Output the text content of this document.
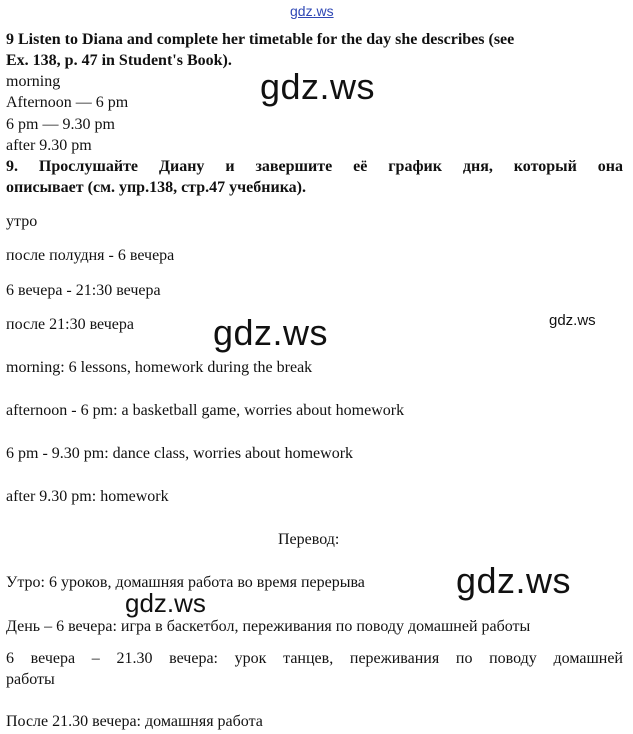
gdz.ws
9 Listen to Diana and complete her timetable for the day she describes (see
Ex. 138, p. 47 in Student's Book).
morning
Afternoon — 6 pm
6 pm — 9.30 pm
after 9.30 pm
gdz.ws
9. Прослушайте Диану и завершите её график дня, который она
описывает (см. упр.138, стр.47 учебника).
утро
после полудня - 6 вечера
6 вечера - 21:30 вечера
после 21:30 вечера gdz.ws	gdz.ws
morning: 6 lessons, homework during the break
afternoon - 6 pm: a basketball game, worries about homework
6 pm - 9.30 pm: dance class, worries about homework
after 9.30 pm: homework
Перевод:
Утро: 6 уроков, домашняя работа во время перерыва	gdz.ws
gdz.ws
День – 6 вечера: игра в баскетбол, переживания по поводу домашней работы
6 вечера – 21.30 вечера: урок танцев, переживания по поводу домашней
работы
После 21.30 вечера: домашняя работа
